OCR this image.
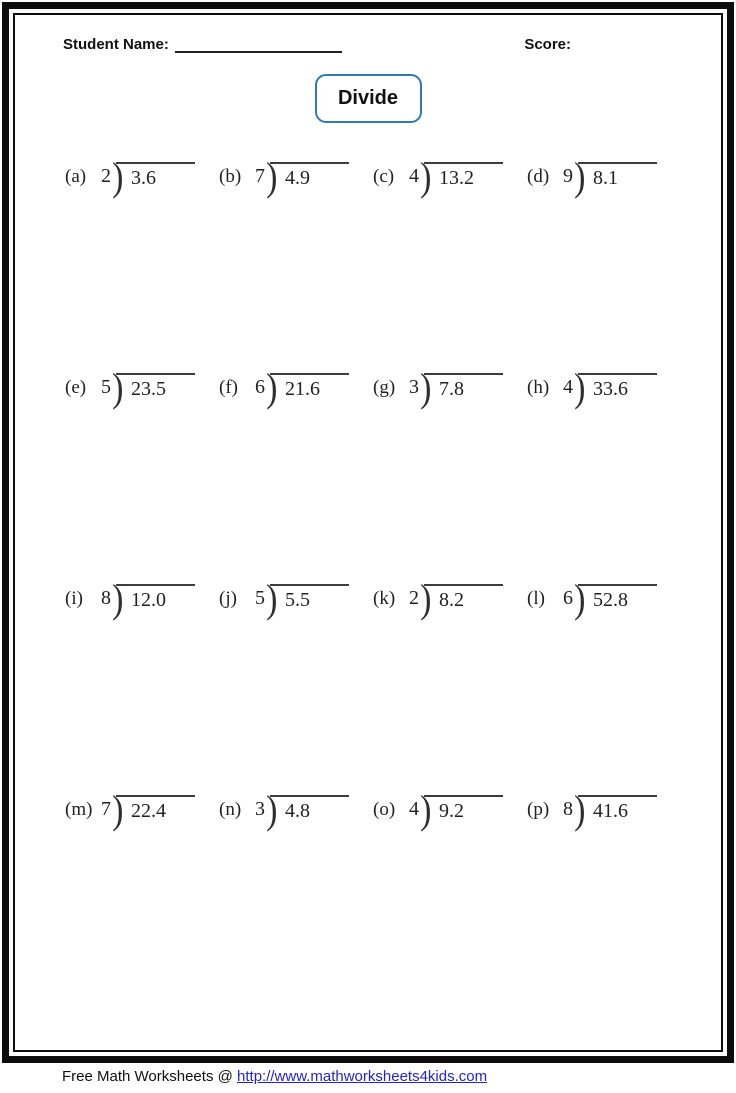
Student Name:	Score:
Divide
(a) 2 )	3.6	(b) 7 )	4.9	(c) 4 )	13.2	(d) 9 )	8.1
(e) 5 )	23.5	(f) 6 )	21.6	(g) 3 )	7.8	(h) 4 )	33.6
(i) 8 )	12.0	(j) 5 )	5.5	(k) 2 )	8.2	(l) 6 )	52.8
(m) 7 )	22.4	(n) 3 )	4.8	(o) 4 )	9.2	(p) 8 )	41.6
Free Math Worksheets @ http://www.mathworksheets4kids.com
